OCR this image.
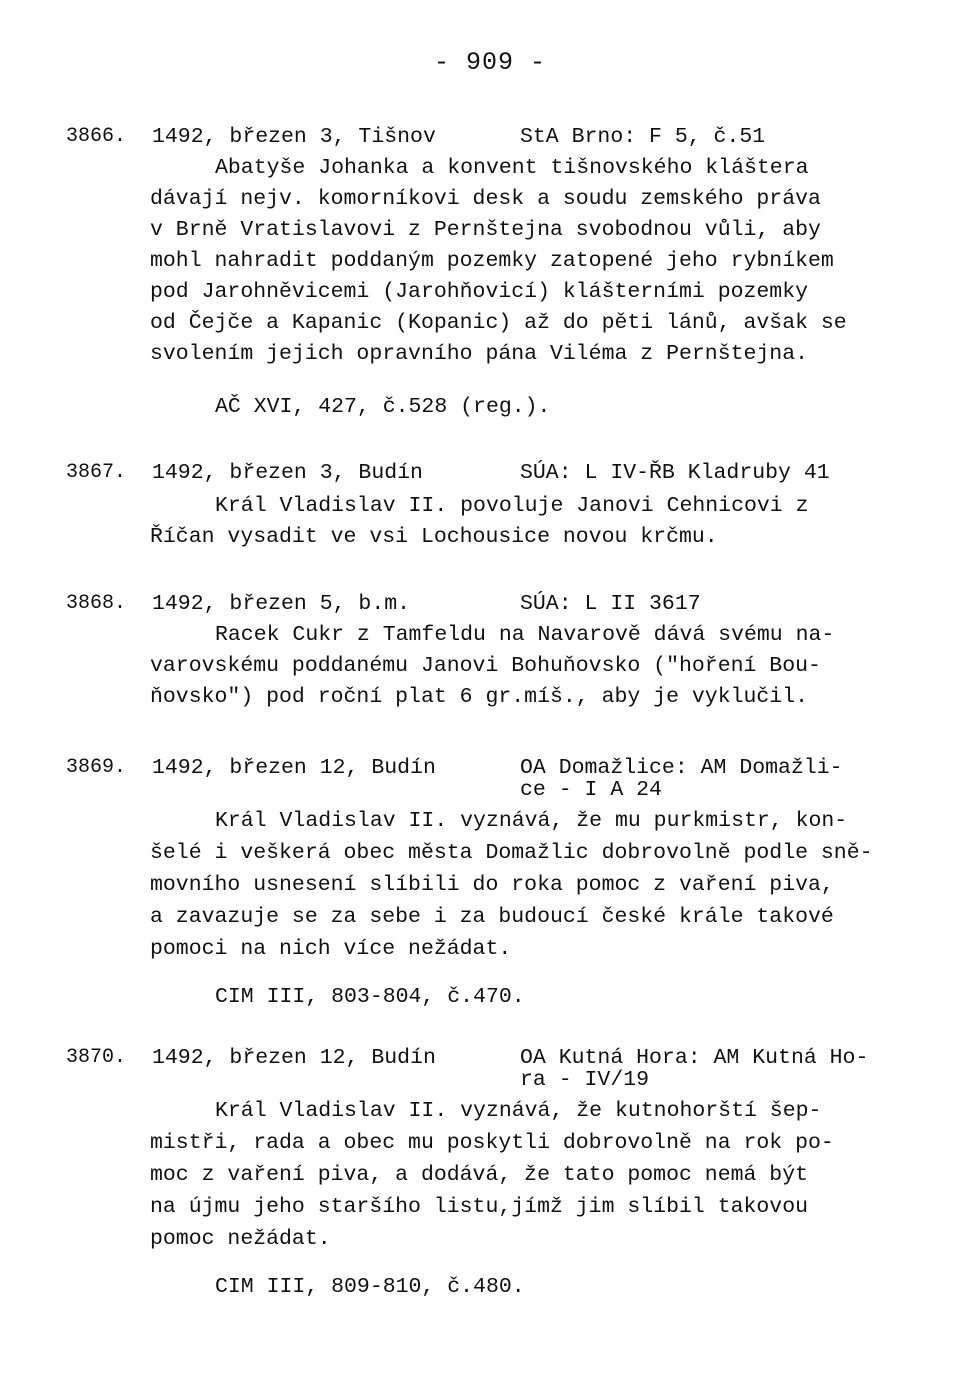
- 909 -
3866. 1492, březen 3, Tišnov	StA Brno: F 5, č.51
Abatyše Johanka a konvent tišnovského kláštera
dávají nejv. komorníkovi desk a soudu zemského práva
v Brně Vratislavovi z Pernštejna svobodnou vůli, aby
mohl nahradit poddaným pozemky zatopené jeho rybníkem
pod Jarohněvicemi (Jarohňovicí) klášterními pozemky
od Čejče a Kapanic (Kopanic) až do pěti lánů, avšak se
svolením jejich opravního pána Viléma z Pernštejna.
AČ XVI, 427, č.528 (reg.).
3867. 1492, březen 3, Budín	SÚA: L IV-ŘB Kladruby 41
Král Vladislav II. povoluje Janovi Cehnicovi z
Říčan vysadit ve vsi Lochousice novou krčmu.
3868. 1492, březen 5, b.m.	SÚA: L II 3617
Racek Cukr z Tamfeldu na Navarově dává svému na-
varovskému poddanému Janovi Bohuňovsko ("hoření Bou-
ňovsko") pod roční plat 6 gr.míš., aby je vyklučil.
3869. 1492, březen 12, Budín	OA Domažlice: AM Domažli-
ce - I A 24
Král Vladislav II. vyznává, že mu purkmistr, kon-
šelé i veškerá obec města Domažlic dobrovolně podle sně-
movního usnesení slíbili do roka pomoc z vaření piva,
a zavazuje se za sebe i za budoucí české krále takové
pomoci na nich více nežádat.
CIM III, 803-804, č.470.
3870. 1492, březen 12, Budín	OA Kutná Hora: AM Kutná Ho-
ra - IV/19
Král Vladislav II. vyznává, že kutnohorští šep-
mistři, rada a obec mu poskytli dobrovolně na rok po-
moc z vaření piva, a dodává, že tato pomoc nemá být
na újmu jeho staršího listu,jímž jim slíbil takovou
pomoc nežádat.
CIM III, 809-810, č.480.
